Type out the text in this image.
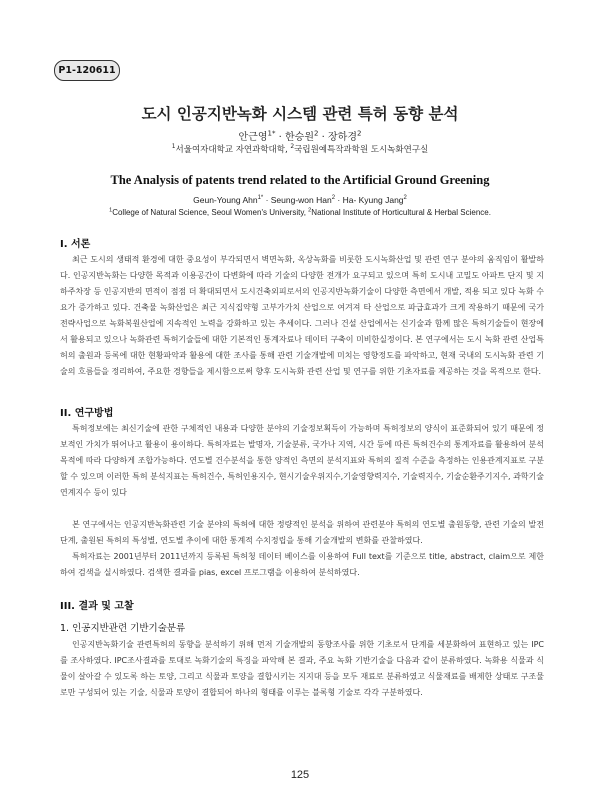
P1-120611
도시 인공지반녹화 시스템 관련 특허 동향 분석
안근영$^{1*}$ · 한승원$^2$ · 장하경$^2$
$^1$서울여자대학교 자연과학대학, $^2$국립원예특작과학원 도시녹화연구실
The Analysis of patents trend related to the Artificial Ground Greening
Geun-Young Ahn$^{1*}$ · Seung-won Han$^2$ · Ha- Kyung Jang$^2$
$^1$College of Natural Science, Seoul Women's University, $^2$National Institute of Horticultural & Herbal Science.
I. 서론

최근 도시의 생태적 환경에 대한 중요성이 부각되면서 벽면녹화, 옥상녹화를 비롯한 도시녹화산업 및 관련 연구 분야의 움직임이 활발하다. 인공지반녹화는 다양한 목적과 이용공간이 다변화에 따라 기술의 다양한 전개가 요구되고 있으며 특히 도시내 고밀도 아파트 단지 및 지하주차장 등 인공지반의 면적이 점점 더 확대되면서 도시건축외피로서의 인공지반녹화기술이 다양한 측면에서 개발, 적용 되고 있다 녹화 수요가 증가하고 있다. 건축물 녹화산업은 최근 지식집약형 고부가가치 산업으로 여겨져 타 산업으로 파급효과가 크게 작용하기 때문에 국가 전략사업으로 녹화복원산업에 지속적인 노력을 강화하고 있는 추세이다. 그러나 건설 산업에서는 신기술과 함께 많은 특허기술들이 현장에서 활용되고 있으나 녹화관련 특허기술들에 대한 기본적인 통계자료나 데이터 구축이 미비한실정이다. 본 연구에서는 도시 녹화 관련 산업특허의 출원과 등록에 대한 현황파악과 활용에 대한 조사를 통해 관련 기술개발에 미치는 영향정도를 파악하고, 현재 국내의 도시녹화 관련 기술의 흐름들을 정리하여, 주요한 경향들을 제시함으로써 향후 도시녹화 관련 산업 및 연구를 위한 기초자료를 제공하는 것을 목적으로 한다.

II. 연구방법

특허정보에는 최신기술에 관한 구체적인 내용과 다양한 분야의 기술정보획득이 가능하며 특허정보의 양식이 표준화되어 있기 때문에 정보적인 가치가 뛰어나고 활용이 용이하다. 특허자료는 발명자, 기술분류, 국가나 지역, 시간 등에 따른 특허건수의 통계자료를 활용하여 분석목적에 따라 다양하게 조합가능하다. 연도별 건수분석을 통한 양적인 측면의 분석지표와 특허의 질적 수준을 측정하는 인용관계지표로 구분할 수 있으며 이러한 특허 분석지표는 특허건수, 특허인용지수, 현시기술우위지수,기술영향력지수, 기술력지수, 기술순환주기지수, 과학기술연계지수 등이 있다

본 연구에서는 인공지반녹화관련 기술 분야의 특허에 대한 정량적인 분석을 위하여 관련분야 특허의 연도별 출원동향, 관련 기술의 발전단계, 출원된 특허의 특성별, 연도별 추이에 대한 통계적 수치정립을 통해 기술개발의 변화를 관찰하였다.

특허자료는 2001년부터 2011년까지 등록된 특허청 데이터 베이스를 이용하여 Full text를 기준으로 title, abstract, claim으로 제한하여 검색을 실시하였다. 검색한 결과를 pias, excel 프로그램을 이용하여 분석하였다.

III. 결과 및 고찰
1. 인공지반관련 기반기술분류

인공지반녹화기술 관련특허의 동향을 분석하기 위해 먼저 기술개발의 동향조사를 위한 기초로서 단계를 세분화하여 표현하고 있는 IPC를 조사하였다. IPC조사결과를 토대로 녹화기술의 특징을 파악해 본 결과, 주요 녹화 기반기술을 다음과 같이 분류하였다. 녹화용 식물과 식물이 살아갈 수 있도록 하는 토양, 그리고 식물과 토양을 결합시키는 지지대 등을 모두 재료로 분류하였고 식물재료를 배제한 상태로 구조물로만 구성되어 있는 기술, 식물과 토양이 결합되어 하나의 형태를 이루는 블록형 기술로 각각 구분하였다.

125
